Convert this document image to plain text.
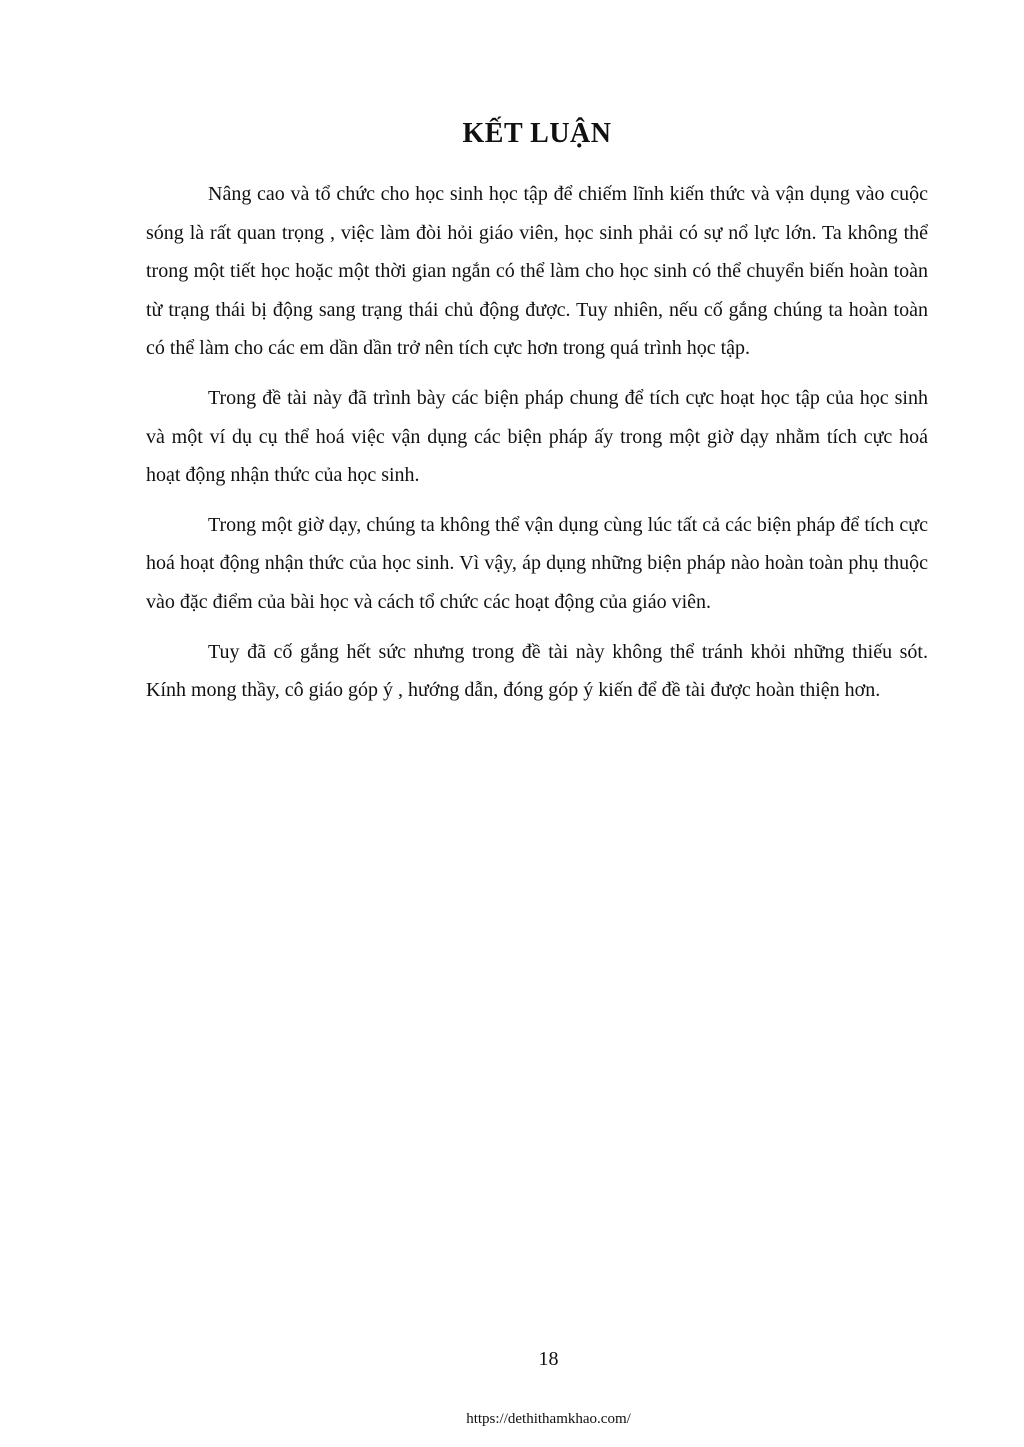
KẾT LUẬN

Nâng cao và tổ chức cho học sinh học tập để chiếm lĩnh kiến thức và vận dụng vào cuộc sóng là rất quan trọng , việc làm đòi hỏi giáo viên, học sinh phải có sự nổ lực lớn. Ta không thể trong một tiết học hoặc một thời gian ngắn có thể làm cho học sinh có thể chuyển biến hoàn toàn từ trạng thái bị động sang trạng thái chủ động được. Tuy nhiên, nếu cố gắng chúng ta hoàn toàn có thể làm cho các em dần dần trở nên tích cực hơn trong quá trình học tập.

Trong đề tài này đã trình bày các biện pháp chung để tích cực hoạt học tập của học sinh và một ví dụ cụ thể hoá việc vận dụng các biện pháp ấy trong một giờ dạy nhằm tích cực hoá hoạt động nhận thức của học sinh.

Trong một giờ dạy, chúng ta không thể vận dụng cùng lúc tất cả các biện pháp để tích cực hoá hoạt động nhận thức của học sinh. Vì vậy, áp dụng những biện pháp nào hoàn toàn phụ thuộc vào đặc điểm của bài học và cách tổ chức các hoạt động của giáo viên.

Tuy đã cố gắng hết sức nhưng trong đề tài này không thể tránh khỏi những thiếu sót. Kính mong thầy, cô giáo góp ý , hướng dẫn, đóng góp ý kiến để đề tài được hoàn thiện hơn.

18
https://dethithamkhao.com/
